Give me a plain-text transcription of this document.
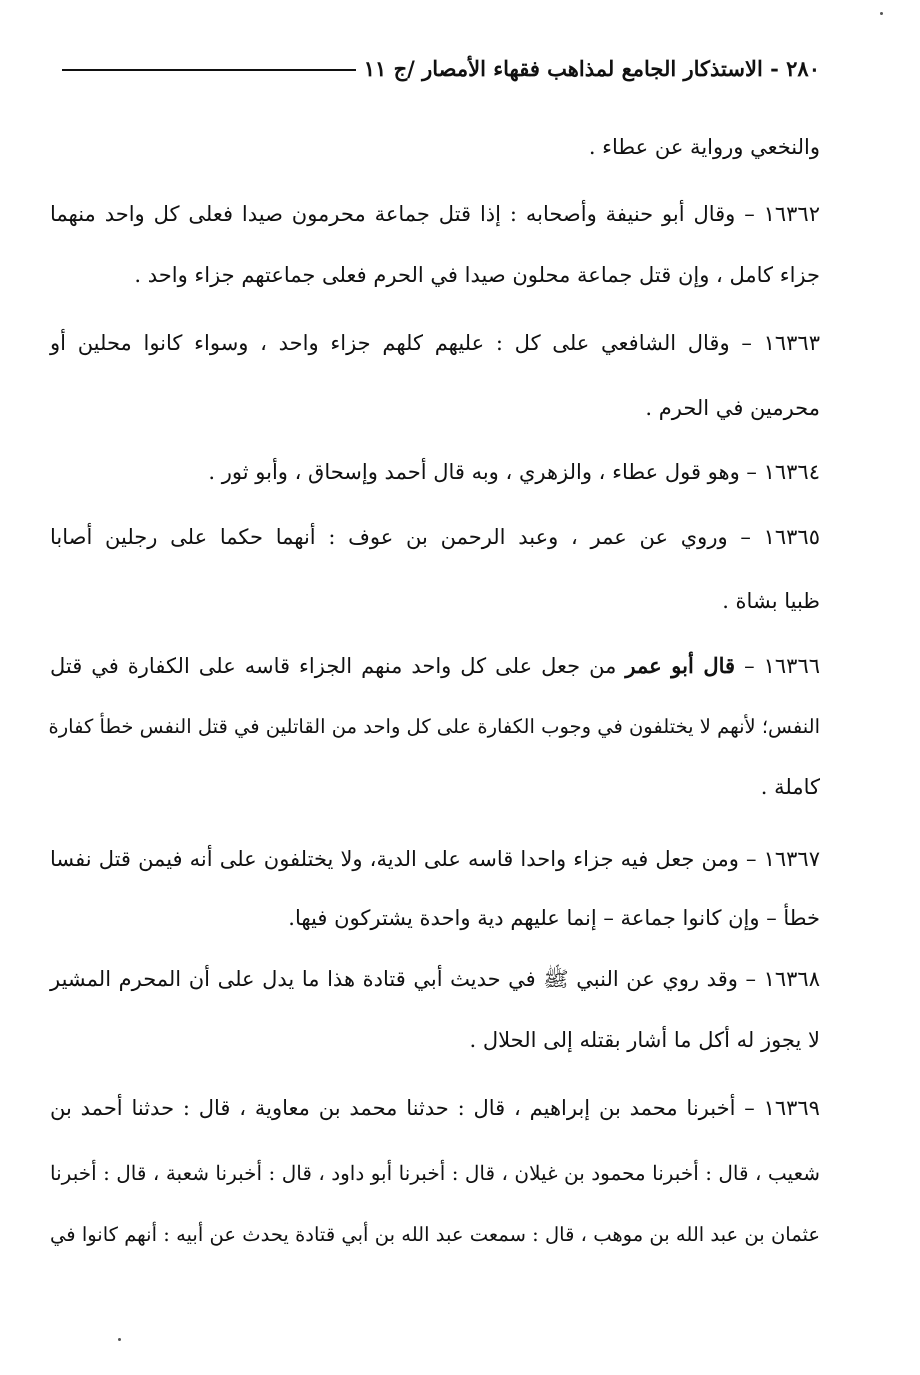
٢٨٠ - الاستذكار الجامع لمذاهب فقهاء الأمصار /ج ١١
والنخعي ورواية عن عطاء .
١٦٣٦٢ – وقال أبو حنيفة وأصحابه : إذا قتل جماعة محرمون صيدا فعلى كل واحد منهما
جزاء كامل ، وإن قتل جماعة محلون صيدا في الحرم فعلى جماعتهم جزاء واحد .
١٦٣٦٣ – وقال الشافعي على كل : عليهم كلهم جزاء واحد ، وسواء كانوا محلين أو
محرمين في الحرم .
١٦٣٦٤ – وهو قول عطاء ، والزهري ، وبه قال أحمد وإسحاق ، وأبو ثور .
١٦٣٦٥ – وروي عن عمر ، وعبد الرحمن بن عوف : أنهما حكما على رجلين أصابا
ظبيا بشاة .
١٦٣٦٦ – قال أبو عمر من جعل على كل واحد منهم الجزاء قاسه على الكفارة في قتل
النفس؛ لأنهم لا يختلفون في وجوب الكفارة على كل واحد من القاتلين في قتل النفس خطأ كفارة
كاملة .
١٦٣٦٧ – ومن جعل فيه جزاء واحدا قاسه على الدية، ولا يختلفون على أنه فيمن قتل نفسا
خطأ – وإن كانوا جماعة – إنما عليهم دية واحدة يشتركون فيها.
١٦٣٦٨ – وقد روي عن النبي ﷺ في حديث أبي قتادة هذا ما يدل على أن المحرم المشير
لا يجوز له أكل ما أشار بقتله إلى الحلال .
١٦٣٦٩ – أخبرنا محمد بن إبراهيم ، قال : حدثنا محمد بن معاوية ، قال : حدثنا أحمد بن
شعيب ، قال : أخبرنا محمود بن غيلان ، قال : أخبرنا أبو داود ، قال : أخبرنا شعبة ، قال : أخبرنا
عثمان بن عبد الله بن موهب ، قال : سمعت عبد الله بن أبي قتادة يحدث عن أبيه : أنهم كانوا في
